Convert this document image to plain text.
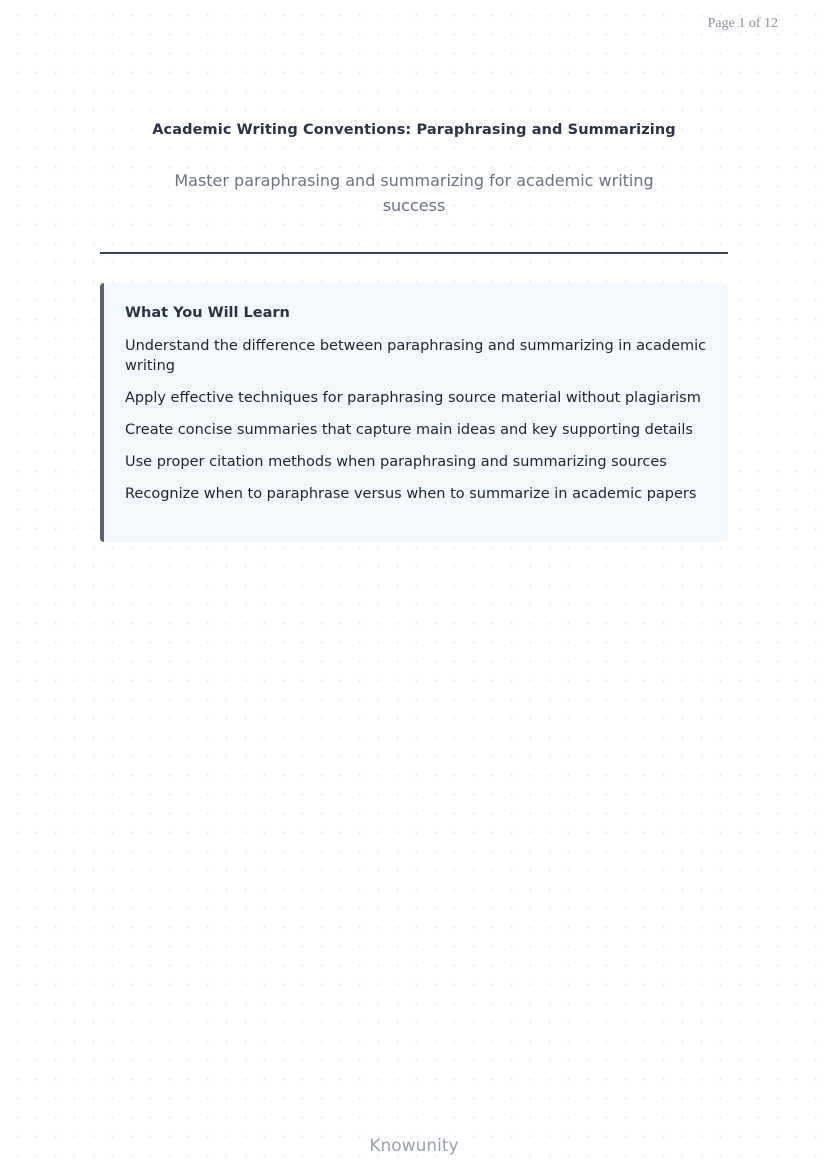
Page 1 of 12
Academic Writing Conventions: Paraphrasing and Summarizing
Master paraphrasing and summarizing for academic writing success
What You Will Learn
Understand the difference between paraphrasing and summarizing in academic writing
Apply effective techniques for paraphrasing source material without plagiarism
Create concise summaries that capture main ideas and key supporting details
Use proper citation methods when paraphrasing and summarizing sources
Recognize when to paraphrase versus when to summarize in academic papers
Knowunity
